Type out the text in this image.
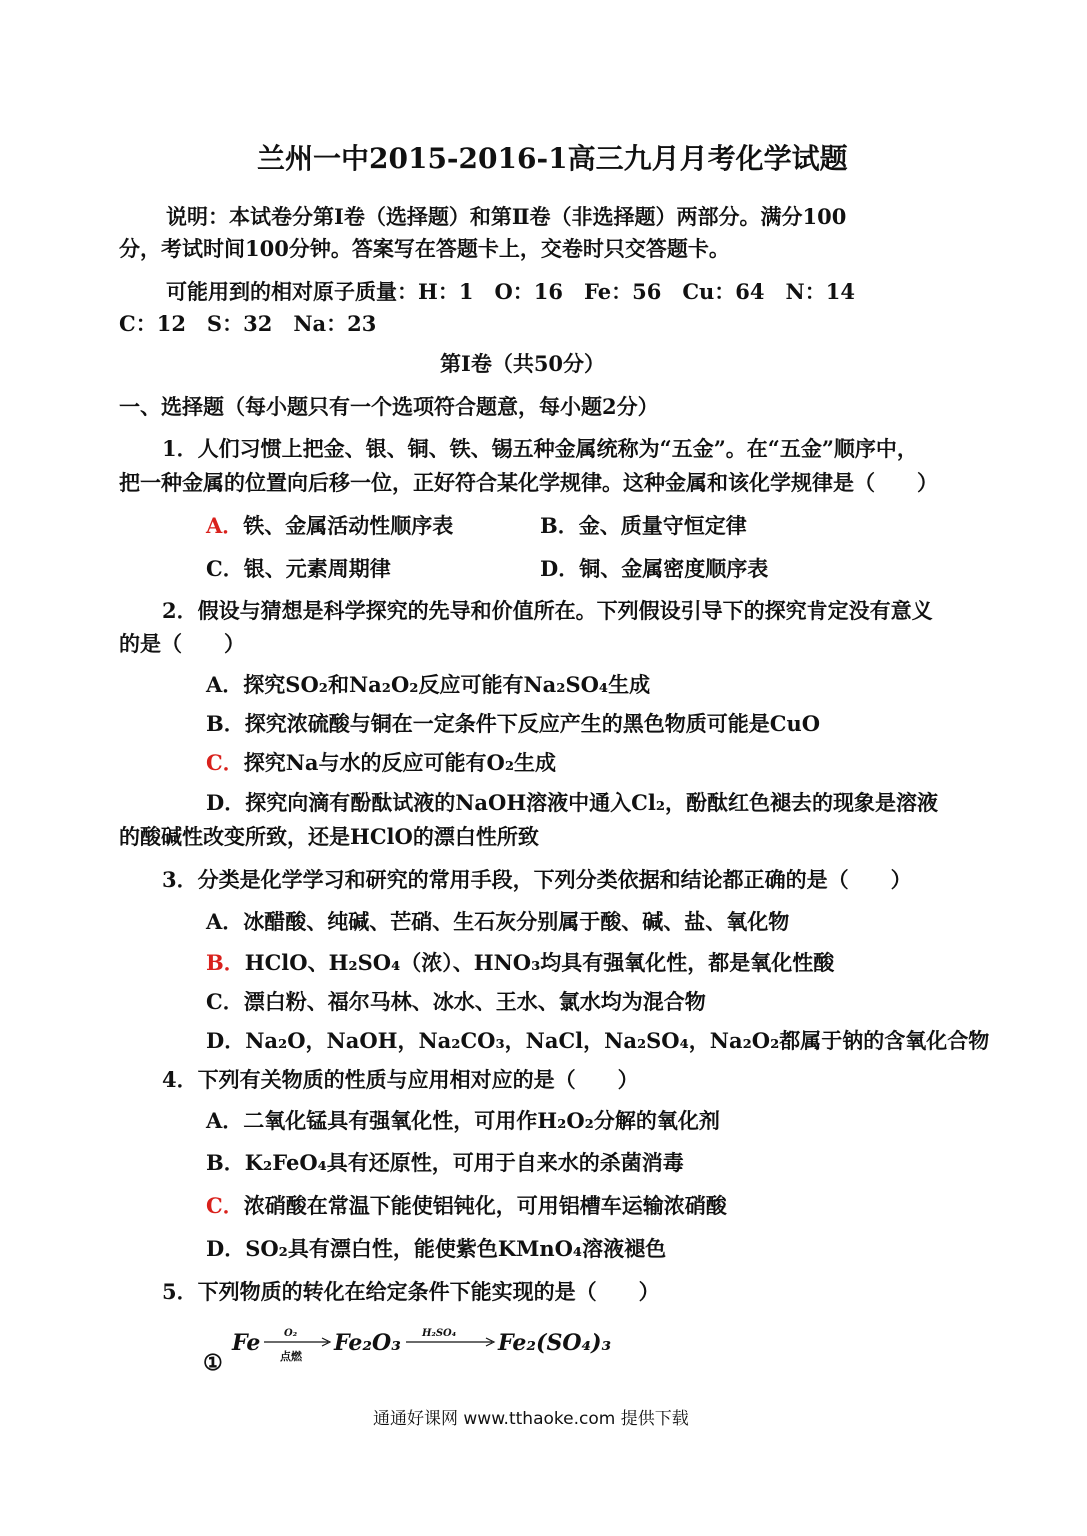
兰州一中2015-2016-1高三九月月考化学试题
说明：本试卷分第Ⅰ卷（选择题）和第Ⅱ卷（非选择题）两部分。满分100
分，考试时间100分钟。答案写在答题卡上，交卷时只交答题卡。
可能用到的相对原子质量：H：1　O：16　Fe：56　Cu：64　N：14
C：12　S：32　Na：23
第Ⅰ卷（共50分）
一、选择题（每小题只有一个选项符合题意，每小题2分）
1．人们习惯上把金、银、铜、铁、锡五种金属统称为“五金”。在“五金”顺序中，
把一种金属的位置向后移一位，正好符合某化学规律。这种金属和该化学规律是（　　）
A．铁、金属活动性顺序表	B．金、质量守恒定律
C．银、元素周期律	D．铜、金属密度顺序表
2．假设与猜想是科学探究的先导和价值所在。下列假设引导下的探究肯定没有意义
的是（　　）
A．探究SO₂和Na₂O₂反应可能有Na₂SO₄生成
B．探究浓硫酸与铜在一定条件下反应产生的黑色物质可能是CuO
C．探究Na与水的反应可能有O₂生成
D．探究向滴有酚酞试液的NaOH溶液中通入Cl₂，酚酞红色褪去的现象是溶液
的酸碱性改变所致，还是HClO的漂白性所致
3．分类是化学学习和研究的常用手段，下列分类依据和结论都正确的是（　　）
A．冰醋酸、纯碱、芒硝、生石灰分别属于酸、碱、盐、氧化物
B．HClO、H₂SO₄（浓）、HNO₃均具有强氧化性，都是氧化性酸
C．漂白粉、福尔马林、冰水、王水、氯水均为混合物
D．Na₂O，NaOH，Na₂CO₃，NaCl，Na₂SO₄，Na₂O₂都属于钠的含氧化合物
4．下列有关物质的性质与应用相对应的是（　　）
A．二氧化锰具有强氧化性，可用作H₂O₂分解的氧化剂
B．K₂FeO₄具有还原性，可用于自来水的杀菌消毒
C．浓硝酸在常温下能使铝钝化，可用铝槽车运输浓硝酸
D．SO₂具有漂白性，能使紫色KMnO₄溶液褪色
5．下列物质的转化在给定条件下能实现的是（　　）
①
Fe O₂
点燃
Fe₂O₃ H₂SO₄ Fe₂(SO₄)₃
通通好课网 www.tthaoke.com 提供下载
